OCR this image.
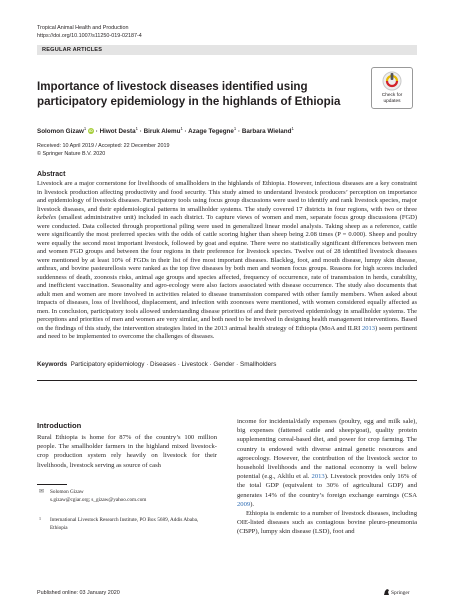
Tropical Animal Health and Production
https://doi.org/10.1007/s11250-019-02187-4
REGULAR ARTICLES
Check for
updates
Importance of livestock diseases identified using participatory epidemiology in the highlands of Ethiopia
Solomon Gizaw$^1$ iD · Hiwot Desta$^1$ · Biruk Alemu$^1$ · Azage Tegegne$^1$ · Barbara Wieland$^1$
Received: 10 April 2019 / Accepted: 22 December 2019
© Springer Nature B.V. 2020
Abstract
Livestock are a major cornerstone for livelihoods of smallholders in the highlands of Ethiopia. However, infectious diseases are a key constraint in livestock production affecting productivity and food security. This study aimed to understand livestock producers’ perception on importance and epidemiology of livestock diseases. Participatory tools using focus group discussions were used to identify and rank livestock species, major livestock diseases, and their epidemiological patterns in smallholder systems. The study covered 17 districts in four regions, with two or three kebeles (smallest administrative unit) included in each district. To capture views of women and men, separate focus group discussions (FGD) were conducted. Data collected through proportional piling were used in generalized linear model analysis. Taking sheep as a reference, cattle were significantly the most preferred species with the odds of cattle scoring higher than sheep being 2.08 times (P = 0.000). Sheep and poultry were equally the second most important livestock, followed by goat and equine. There were no statistically significant differences between men and women FGD groups and between the four regions in their preference for livestock species. Twelve out of 28 identified livestock diseases were mentioned by at least 10% of FGDs in their list of five most important diseases. Blackleg, foot, and mouth disease, lumpy skin disease, anthrax, and bovine pasteurellosis were ranked as the top five diseases by both men and women focus groups. Reasons for high scores included suddenness of death, zoonosis risks, animal age groups and species affected, frequency of occurrence, rate of transmission in herds, curability, and inefficient vaccination. Seasonality and agro-ecology were also factors associated with disease occurrence. The study also documents that adult men and women are more involved in activities related to disease transmission compared with other family members. When asked about impacts of diseases, loss of livelihood, displacement, and infection with zoonoses were mentioned, with women considered equally affected as men. In conclusion, participatory tools allowed understanding disease priorities of and their perceived epidemiology in smallholder systems. The perceptions and priorities of men and women are very similar, and both need to be involved in designing health management interventions. Based on the findings of this study, the intervention strategies listed in the 2013 animal health strategy of Ethiopia (MoA and ILRI 2013) seem pertinent and need to be implemented to overcome the challenges of diseases.
Keywords Participatory epidemiology · Diseases · Livestock · Gender · Smallholders
Introduction
Rural Ethiopia is home for 87% of the country’s 100 million people. The smallholder farmers in the highland mixed livestock-crop production system rely heavily on livestock for their livelihoods, livestock serving as source of cash
✉ Solomon Gizaw
s.gizaw@cgiar.org; s_gizaw@yahoo.com.com
1 International Livestock Research Institute, PO Box 5689, Addis Ababa, Ethiopia

income for incidental/daily expenses (poultry, egg and milk sale), big expenses (fattened cattle and sheep/goat), quality protein supplementing cereal-based diet, and power for crop farming. The country is endowed with diverse animal genetic resources and agroecology. However, the contribution of the livestock sector to household livelihoods and the national economy is well below potential (e.g., Aklilu et al. 2013). Livestock provides only 16% of the total GDP (equivalent to 30% of agricultural GDP) and generates 14% of the country’s foreign exchange earnings (CSA 2009).

Ethiopia is endemic to a number of livestock diseases, including OIE-listed diseases such as contagious bovine pleuro-pneumonia (CBPP), lumpy skin disease (LSD), foot and

Published online: 03 January 2020	Springer
